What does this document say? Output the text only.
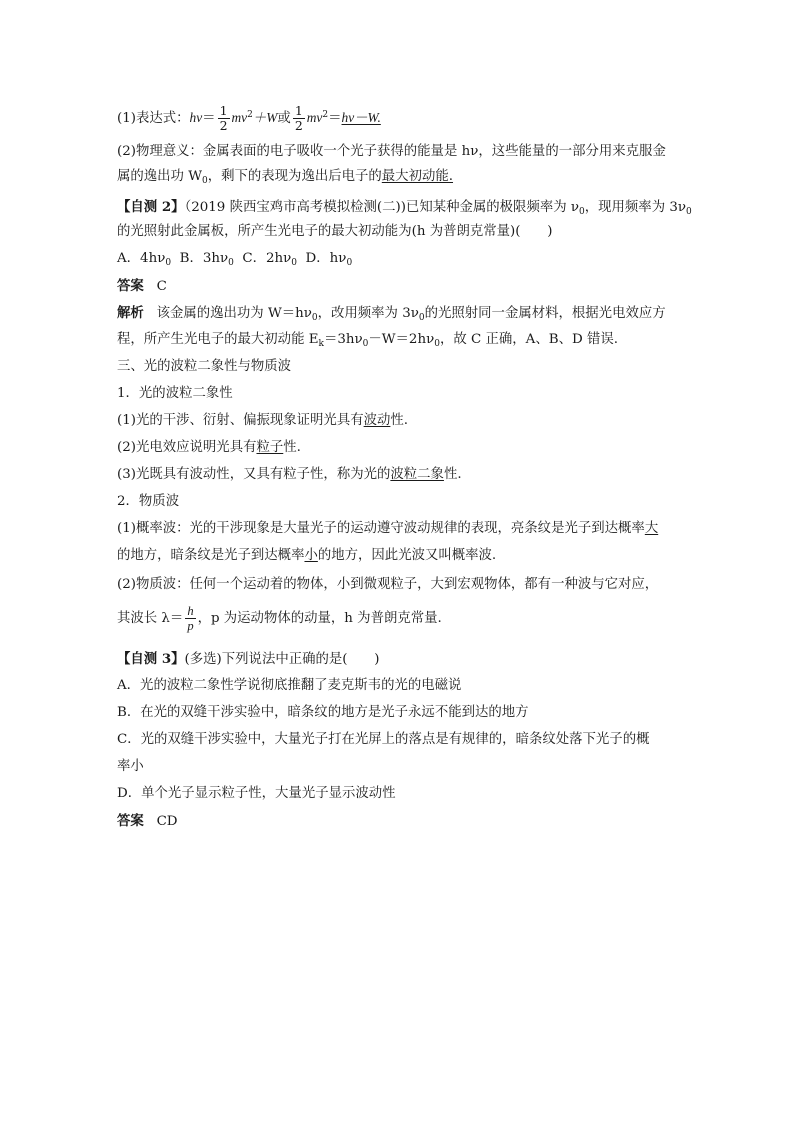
(1)表达式：$h\nu= \frac{1}{2} mv^2+W$或 $\frac{1}{2} mv^2=h\nu-W$.
(2)物理意义：金属表面的电子吸收一个光子获得的能量是 hν，这些能量的一部分用来克服金
属的逸出功 $W_0$，剩下的表现为逸出后电子的最大初动能.
【自测 2】（2019 陕西宝鸡市高考模拟检测(二))已知某种金属的极限频率为 $\nu_0$，现用频率为 $3\nu_0$
的光照射此金属板，所产生光电子的最大初动能为(h 为普朗克常量)(　　)
A．$4h\nu_0$ B．$3h\nu_0$ C．$2h\nu_0$ D．$h\nu_0$
答案 C
解析 该金属的逸出功为 $W=h\nu_0$，改用频率为 $3\nu_0$的光照射同一金属材料，根据光电效应方
程，所产生光电子的最大初动能 $E_k=3h\nu_0-W=2h\nu_0$，故 C 正确，A、B、D 错误.
三、光的波粒二象性与物质波
1．光的波粒二象性
(1)光的干涉、衍射、偏振现象证明光具有波动性.
(2)光电效应说明光具有粒子性.
(3)光既具有波动性，又具有粒子性，称为光的波粒二象性.
2．物质波
(1)概率波：光的干涉现象是大量光子的运动遵守波动规律的表现，亮条纹是光子到达概率大
的地方，暗条纹是光子到达概率小的地方，因此光波又叫概率波.
(2)物质波：任何一个运动着的物体，小到微观粒子，大到宏观物体，都有一种波与它对应，
其波长 $\lambda= \frac{h}{p}$ ，p 为运动物体的动量，h 为普朗克常量.
【自测 3】(多选)下列说法中正确的是(　　)
A．光的波粒二象性学说彻底推翻了麦克斯韦的光的电磁说
B．在光的双缝干涉实验中，暗条纹的地方是光子永远不能到达的地方
C．光的双缝干涉实验中，大量光子打在光屏上的落点是有规律的，暗条纹处落下光子的概
率小
D．单个光子显示粒子性，大量光子显示波动性
答案 CD
